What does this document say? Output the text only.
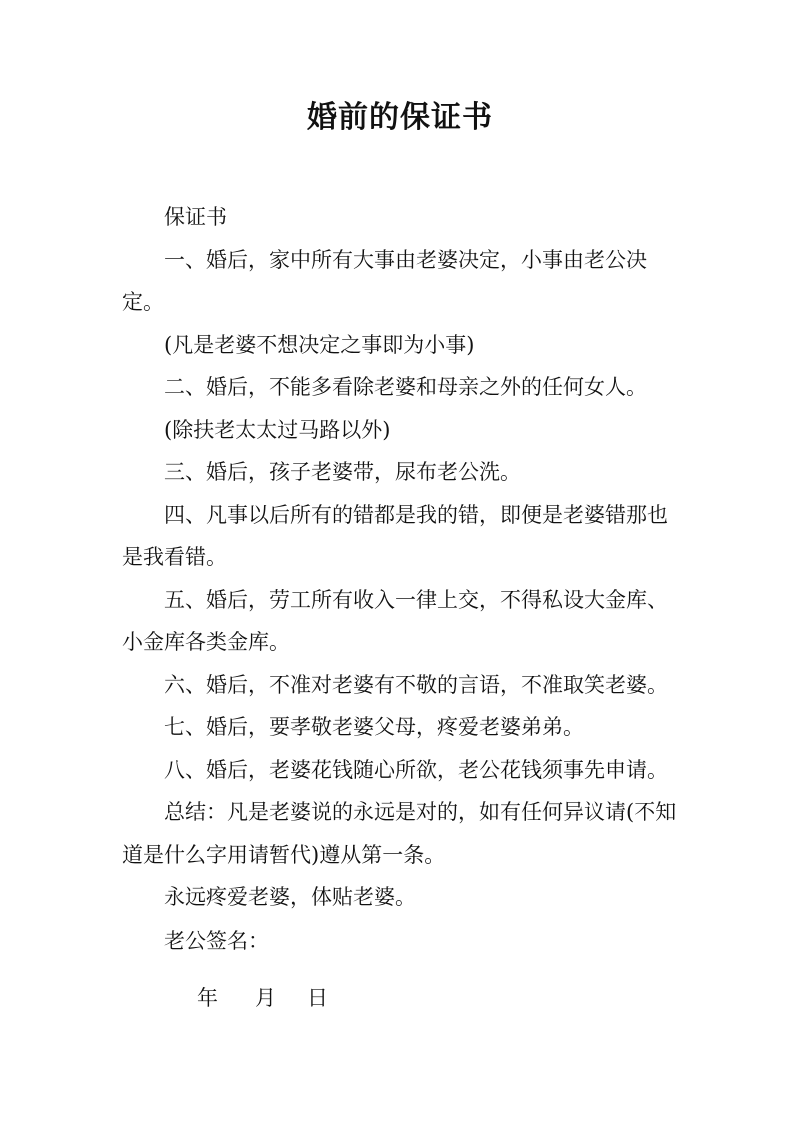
婚前的保证书

保证书

一、婚后，家中所有大事由老婆决定，小事由老公决定。

(凡是老婆不想决定之事即为小事)

二、婚后，不能多看除老婆和母亲之外的任何女人。

(除扶老太太过马路以外)

三、婚后，孩子老婆带，尿布老公洗。

四、凡事以后所有的错都是我的错，即便是老婆错那也是我看错。

五、婚后，劳工所有收入一律上交，不得私设大金库、小金库各类金库。

六、婚后，不准对老婆有不敬的言语，不准取笑老婆。

七、婚后，要孝敬老婆父母，疼爱老婆弟弟。

八、婚后，老婆花钱随心所欲，老公花钱须事先申请。

总结：凡是老婆说的永远是对的，如有任何异议请(不知道是什么字用请暂代)遵从第一条。

永远疼爱老婆，体贴老婆。

老公签名：
年	月	日
